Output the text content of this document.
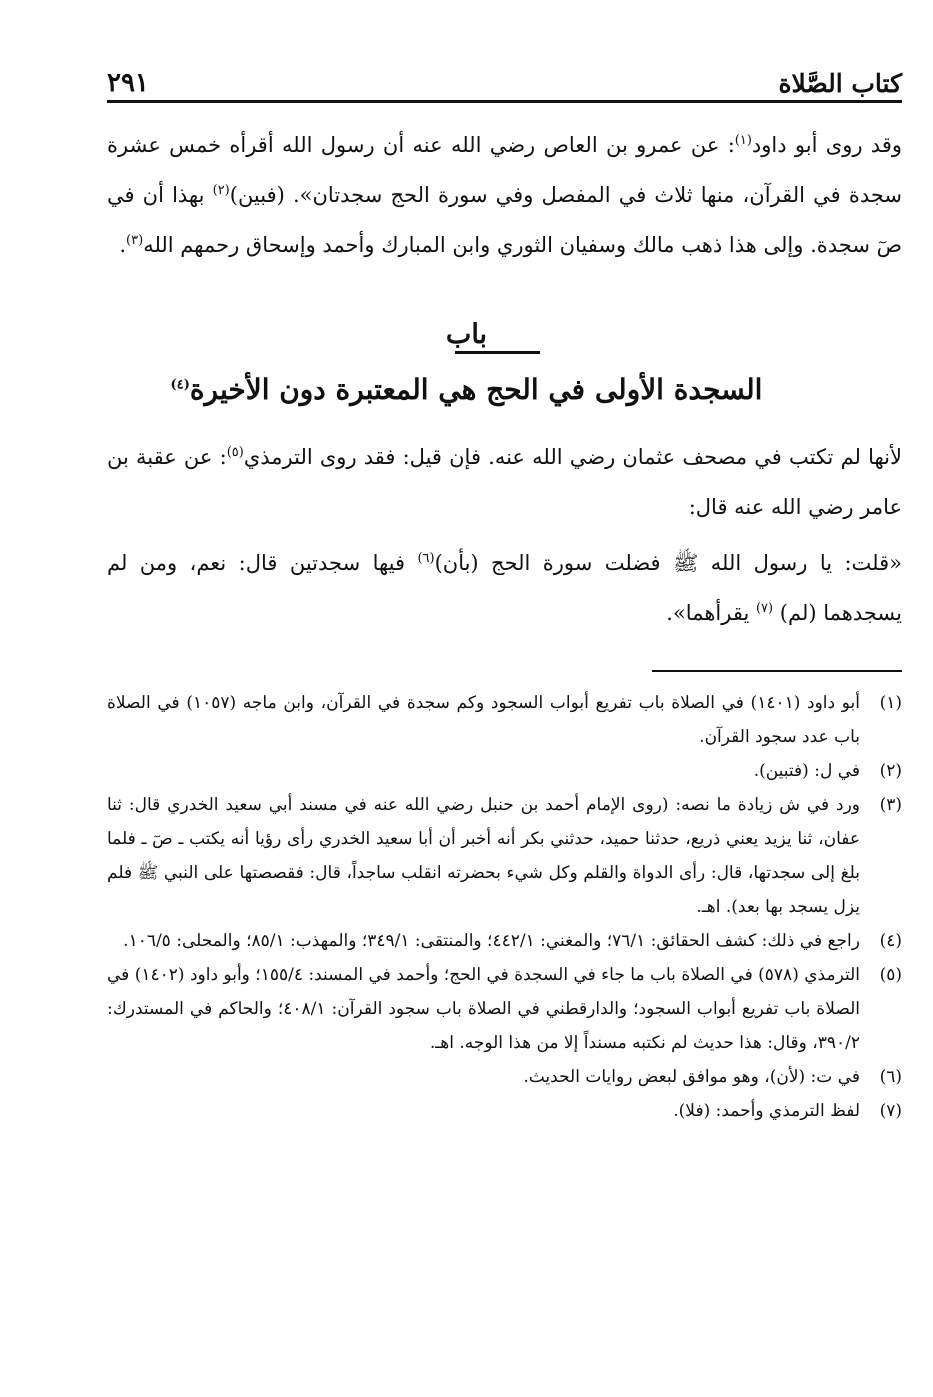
كتاب الصَّلاة
٢٩١

وقد روى أبو داود$^{(١)}$: عن عمرو بن العاص رضي الله عنه أن رسول الله أقرأه خمس عشرة سجدة في القرآن، منها ثلاث في المفصل وفي سورة الحج سجدتان». (فبين)$^{(٢)}$ بهذا أن في صٓ سجدة. وإلى هذا ذهب مالك وسفيان الثوري وابن المبارك وأحمد وإسحاق رحمهم الله$^{(٣)}$.

باب
السجدة الأولى في الحج هي المعتبرة دون الأخيرة$^{(٤)}$

لأنها لم تكتب في مصحف عثمان رضي الله عنه. فإن قيل: فقد روى الترمذي$^{(٥)}$: عن عقبة بن عامر رضي الله عنه قال:

«قلت: يا رسول الله ﷺ فضلت سورة الحج (بأن)$^{(٦)}$ فيها سجدتين قال: نعم، ومن لم يسجدهما (لم) $^{(٧)}$ يقرأهما».

(١)
أبو داود (١٤٠١) في الصلاة باب تفريع أبواب السجود وكم سجدة في القرآن، وابن ماجه (١٠٥٧) في الصلاة باب عدد سجود القرآن.
(٢)
في ل: (فتبين).
(٣)
ورد في ش زيادة ما نصه: (روى الإمام أحمد بن حنبل رضي الله عنه في مسند أبي سعيد الخدري قال: ثنا عفان، ثنا يزيد يعني ذريع، حدثنا حميد، حدثني بكر أنه أخبر أن أبا سعيد الخدري رأى رؤيا أنه يكتب ـ صٓ ـ فلما بلغ إلى سجدتها، قال: رأى الدواة والقلم وكل شيء بحضرته انقلب ساجداً، قال: فقصصتها على النبي ﷺ فلم يزل يسجد بها بعد). اهـ.
(٤)
راجع في ذلك: كشف الحقائق: ٧٦/١؛ والمغني: ٤٤٢/١؛ والمنتقى: ٣٤٩/١؛ والمهذب: ٨٥/١؛ والمحلى: ١٠٦/٥.
(٥)
الترمذي (٥٧٨) في الصلاة باب ما جاء في السجدة في الحج؛ وأحمد في المسند: ١٥٥/٤؛ وأبو داود (١٤٠٢) في الصلاة باب تفريع أبواب السجود؛ والدارقطني في الصلاة باب سجود القرآن: ٤٠٨/١؛ والحاكم في المستدرك: ٣٩٠/٢، وقال: هذا حديث لم نكتبه مسنداً إلا من هذا الوجه. اهـ.
(٦)
في ت: (لأن)، وهو موافق لبعض روايات الحديث.
(٧)
لفظ الترمذي وأحمد: (فلا).
